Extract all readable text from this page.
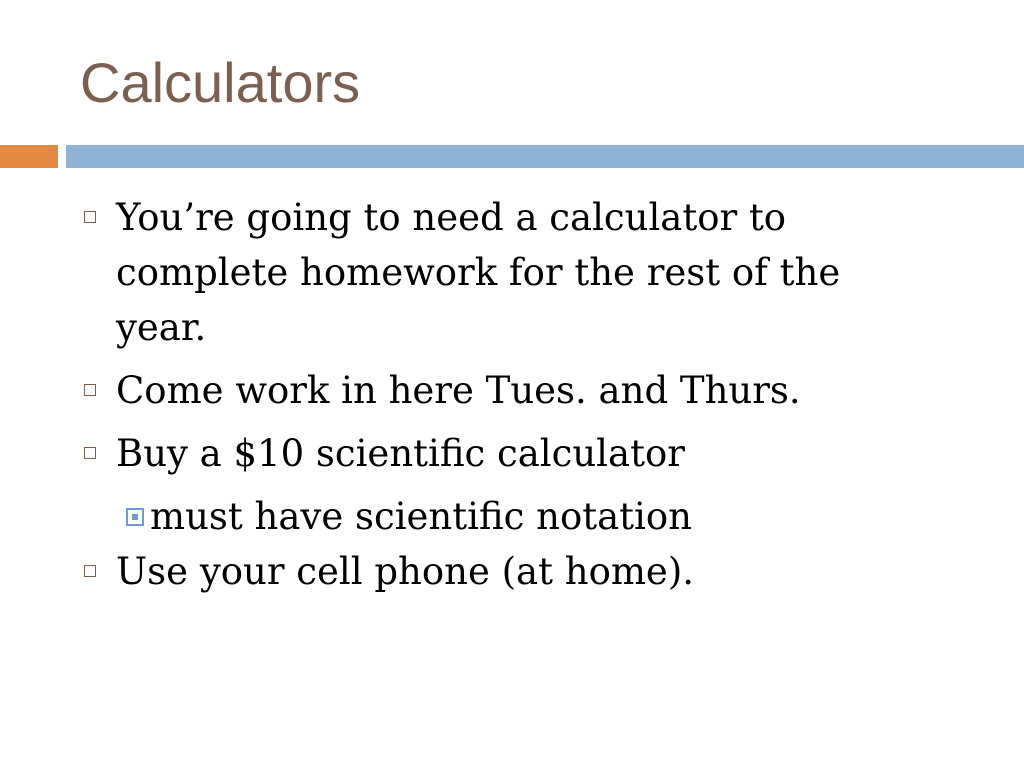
Calculators

You’re going to need a calculator to complete homework for the rest of the year.

Come work in here Tues. and Thurs.

Buy a $10 scientific calculator

must have scientific notation

Use your cell phone (at home).
